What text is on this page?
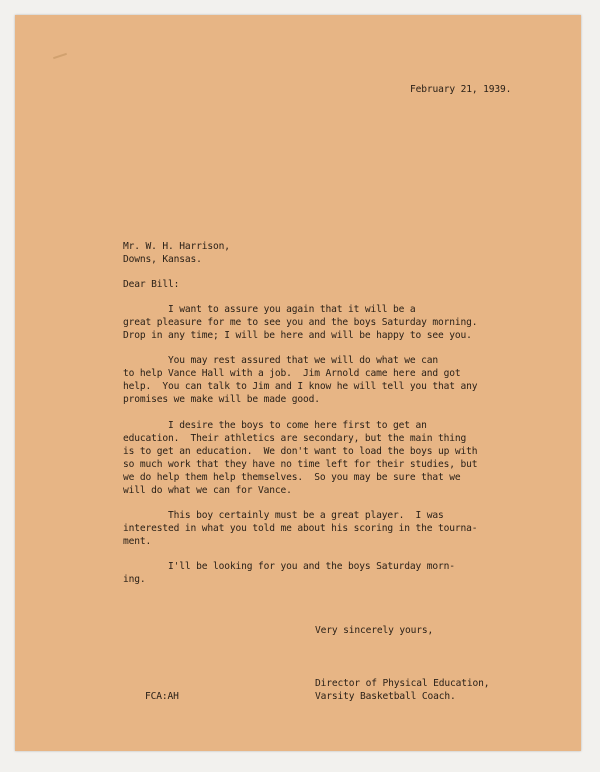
February 21, 1939.
Mr. W. H. Harrison,
Downs, Kansas.
Dear Bill:
I want to assure you again that it will be a
great pleasure for me to see you and the boys Saturday morning.
Drop in any time; I will be here and will be happy to see you.
You may rest assured that we will do what we can
to help Vance Hall with a job.  Jim Arnold came here and got
help.  You can talk to Jim and I know he will tell you that any
promises we make will be made good.
I desire the boys to come here first to get an
education.  Their athletics are secondary, but the main thing
is to get an education.  We don't want to load the boys up with
so much work that they have no time left for their studies, but
we do help them help themselves.  So you may be sure that we
will do what we can for Vance.
This boy certainly must be a great player.  I was
interested in what you told me about his scoring in the tourna-
ment.
I'll be looking for you and the boys Saturday morn-
ing.
Very sincerely yours,
Director of Physical Education,
Varsity Basketball Coach.
FCA:AH
